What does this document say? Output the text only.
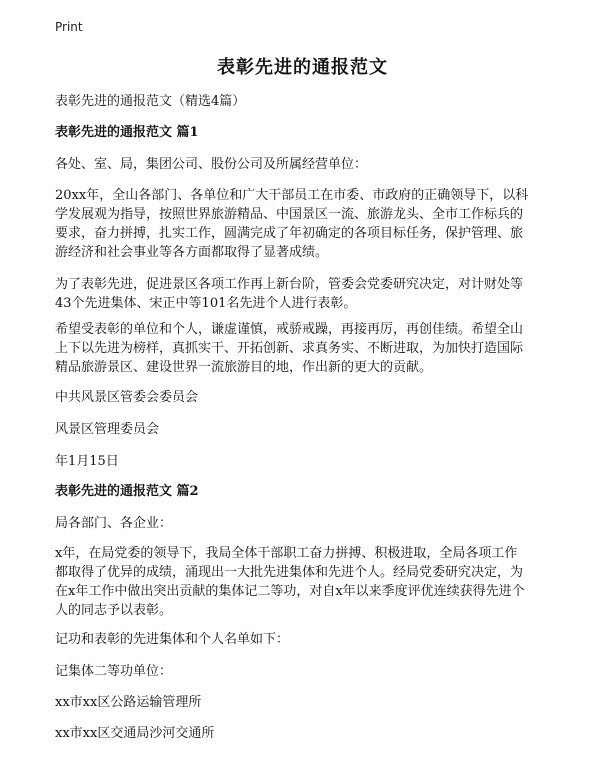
Print
表彰先进的通报范文
表彰先进的通报范文（精选4篇）
表彰先进的通报范文 篇1
各处、室、局，集团公司、股份公司及所属经营单位：
20xx年，全山各部门、各单位和广大干部员工在市委、市政府的正确领导下，以科
学发展观为指导，按照世界旅游精品、中国景区一流、旅游龙头、全市工作标兵的
要求，奋力拼搏，扎实工作，圆满完成了年初确定的各项目标任务，保护管理、旅
游经济和社会事业等各方面都取得了显著成绩。
为了表彰先进，促进景区各项工作再上新台阶，管委会党委研究决定，对计财处等
43个先进集体、宋正中等101名先进个人进行表彰。
希望受表彰的单位和个人，谦虚谨慎，戒骄戒躁，再接再厉，再创佳绩。希望全山
上下以先进为榜样，真抓实干、开拓创新、求真务实、不断进取，为加快打造国际
精品旅游景区、建设世界一流旅游目的地，作出新的更大的贡献。
中共风景区管委会委员会
风景区管理委员会
年1月15日
表彰先进的通报范文 篇2
局各部门、各企业：
x年，在局党委的领导下，我局全体干部职工奋力拼搏、积极进取，全局各项工作
都取得了优异的成绩，涌现出一大批先进集体和先进个人。经局党委研究决定，为
在x年工作中做出突出贡献的集体记二等功，对自x年以来季度评优连续获得先进个
人的同志予以表彰。
记功和表彰的先进集体和个人名单如下：
记集体二等功单位：
xx市xx区公路运输管理所
xx市xx区交通局沙河交通所
